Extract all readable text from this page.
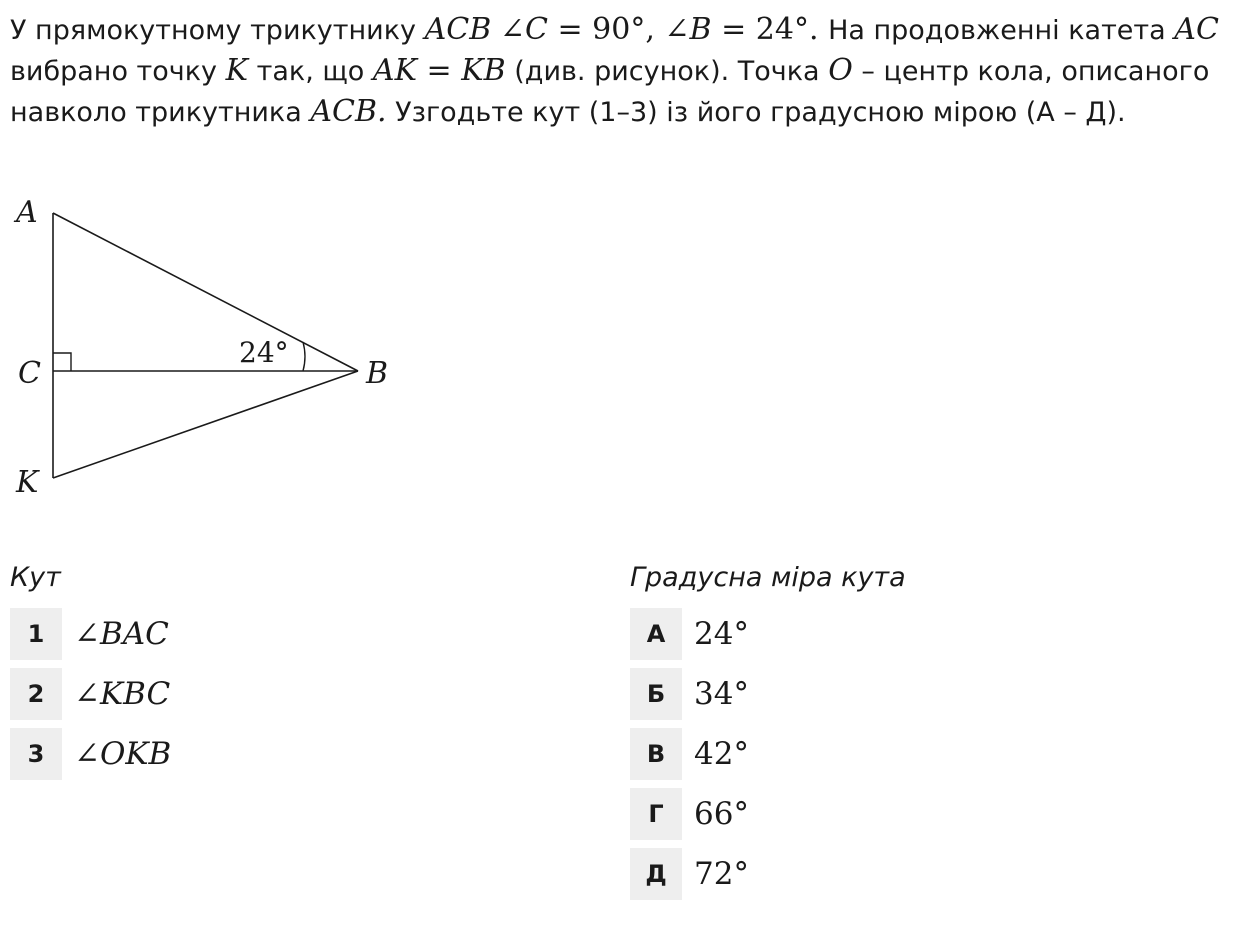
У прямокутному трикутнику ACB ∠C = 90°, ∠B = 24°. На продовженні катета AC вибрано точку K так, що AK = KB (див. рисунок). Точка O – центр кола, описаного навколо трикутника ACB. Узгодьте кут (1–3) із його градусною мірою (А – Д).

A
C	B
K
24°

Кут

1 ∠BAC
2 ∠KBC
3 ∠OKB

Градусна міра кута

А 24°
Б 34°
В 42°
Г 66°
Д 72°
